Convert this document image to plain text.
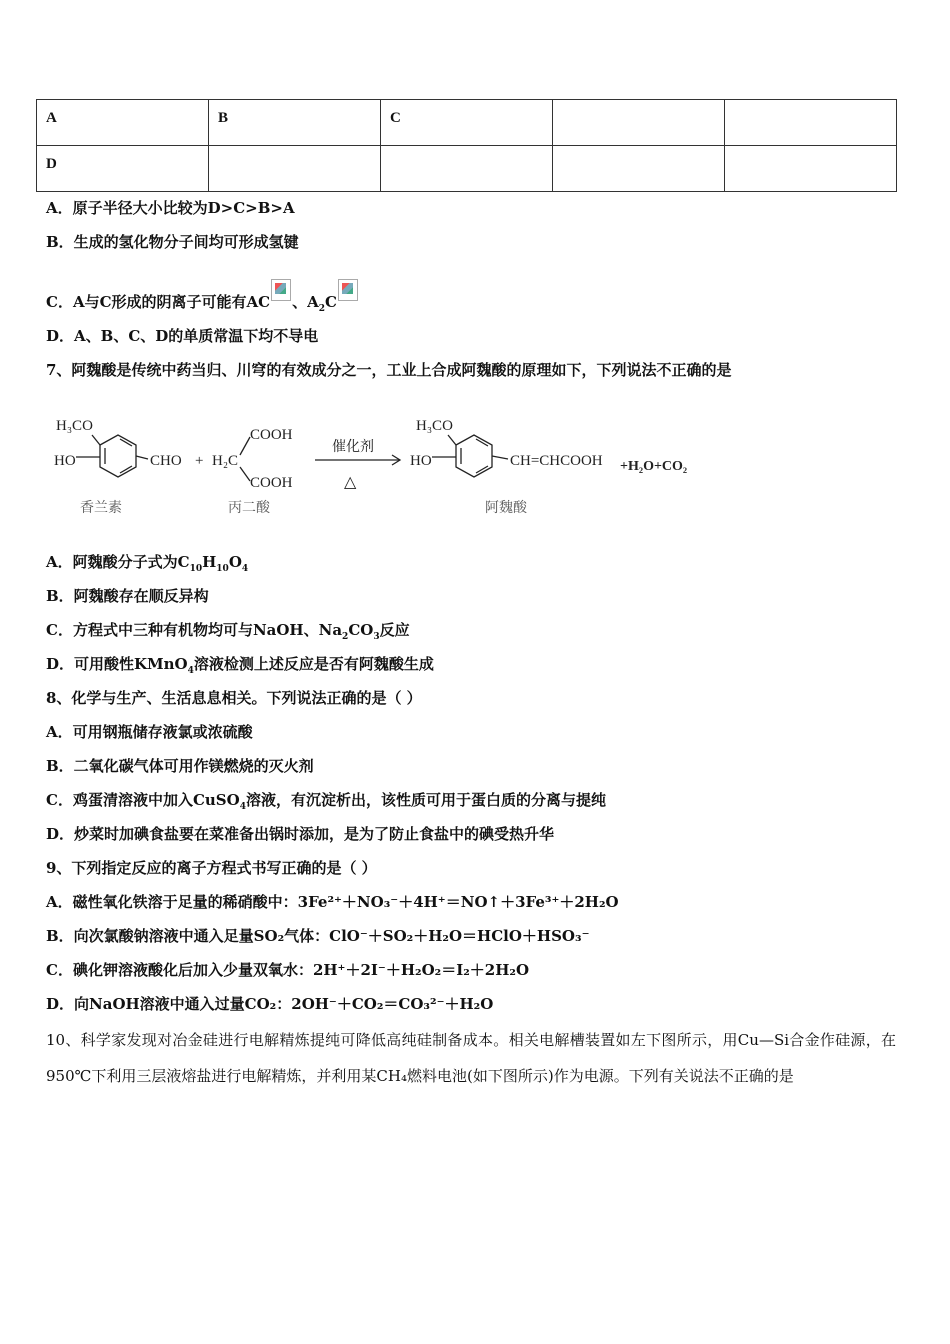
A	B	C		
D				
A．原子半径大小比较为D>C>B>A
B．生成的氢化物分子间均可形成氢键
C．A与C形成的阴离子可能有AC 、$A_2C$
D．A、B、C、D的单质常温下均不导电
7、阿魏酸是传统中药当归、川穹的有效成分之一，工业上合成阿魏酸的原理如下，下列说法不正确的是
H₃CO
HO	CHO +
COOH
H₂C
COOH
催化剂
△
H₃CO
HO	CH=CHCOOH +H₂O+CO₂
香兰素	丙二酸	阿魏酸
A．阿魏酸分子式为$C_{10}H_{10}O_4$
B．阿魏酸存在顺反异构
C．方程式中三种有机物均可与NaOH、$Na_2CO_3$反应
D．可用酸性KMnO$_4$溶液检测上述反应是否有阿魏酸生成
8、化学与生产、生活息息相关。下列说法正确的是（ ）
A．可用钢瓶储存液氯或浓硫酸
B．二氧化碳气体可用作镁燃烧的灭火剂
C．鸡蛋清溶液中加入CuSO$_4$溶液，有沉淀析出，该性质可用于蛋白质的分离与提纯
D．炒菜时加碘食盐要在菜准备出锅时添加，是为了防止食盐中的碘受热升华
9、下列指定反应的离子方程式书写正确的是（ ）
A．磁性氧化铁溶于足量的稀硝酸中：3Fe²⁺＋NO₃⁻＋4H⁺＝NO↑＋3Fe³⁺＋2H₂O
B．向次氯酸钠溶液中通入足量SO₂气体：ClO⁻＋SO₂＋H₂O＝HClO＋HSO₃⁻
C．碘化钾溶液酸化后加入少量双氧水：2H⁺＋2I⁻＋H₂O₂＝I₂＋2H₂O
D．向NaOH溶液中通入过量CO₂：2OH⁻＋CO₂＝CO₃²⁻＋H₂O
10、科学家发现对冶金硅进行电解精炼提纯可降低高纯硅制备成本。相关电解槽装置如左下图所示，用Cu—Si合金作硅源，在950℃下利用三层液熔盐进行电解精炼，并利用某CH₄燃料电池(如下图所示)作为电源。下列有关说法不正确的是
